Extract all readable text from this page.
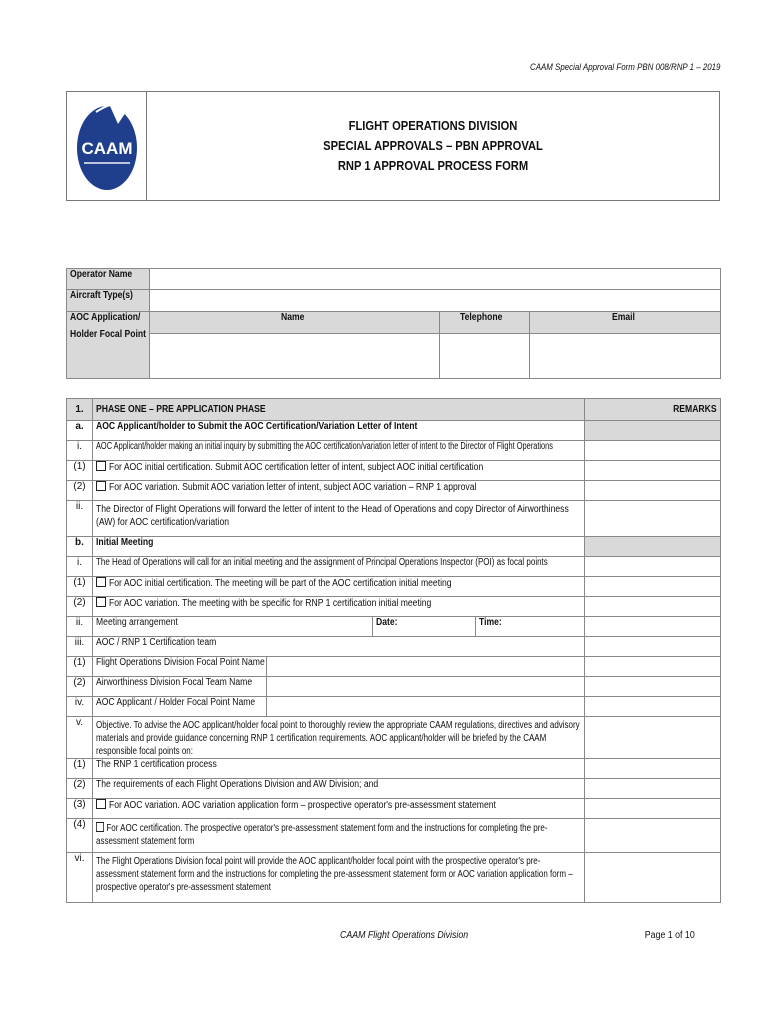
CAAM Special Approval Form PBN 008/RNP 1 – 2019
CAAM
FLIGHT OPERATIONS DIVISION
SPECIAL APPROVALS – PBN APPROVAL
RNP 1 APPROVAL PROCESS FORM
Operator Name			
Aircraft Type(s)			
AOC Application/
Holder Focal Point	Name	Telephone	Email

1.	PHASE ONE – PRE APPLICATION PHASE				REMARKS
a.	AOC Applicant/holder to Submit the AOC Certification/Variation Letter of Intent				
i.	AOC Applicant/holder making an initial inquiry by submitting the AOC certification/variation letter of intent to the Director of Flight Operations				
(1)	For AOC initial certification. Submit AOC certification letter of intent, subject AOC initial certification				
(2)	For AOC variation. Submit AOC variation letter of intent, subject AOC variation – RNP 1 approval				
ii.	The Director of Flight Operations will forward the letter of intent to the Head of Operations and copy Director of Airworthiness (AW) for AOC certification/variation				

b.	Initial Meeting				
i.	The Head of Operations will call for an initial meeting and the assignment of Principal Operations Inspector (POI) as focal points				
(1)	For AOC initial certification. The meeting will be part of the AOC certification initial meeting				
(2)	For AOC variation. The meeting with be specific for RNP 1 certification initial meeting				
ii.	Meeting arrangement		Date:	Time:	
iii.	AOC / RNP 1 Certification team				
(1)	Flight Operations Division Focal Point Name				
(2)	Airworthiness Division Focal Team Name				
iv.	AOC Applicant / Holder Focal Point Name				
v.	Objective. To advise the AOC applicant/holder focal point to thoroughly review the appropriate CAAM regulations, directives and advisory materials and provide guidance concerning RNP 1 certification requirements. AOC applicant/holder will be briefed by the CAAM responsible focal points on:				

(1)	The RNP 1 certification process				
(2)	The requirements of each Flight Operations Division and AW Division; and				
(3)	For AOC variation. AOC variation application form – prospective operator's pre-assessment statement				
(4)	For AOC certification. The prospective operator's pre-assessment statement form and the instructions for completing the pre-assessment statement form				

vi.	The Flight Operations Division focal point will provide the AOC applicant/holder focal point with the prospective operator's pre-assessment statement form and the instructions for completing the pre-assessment statement form or AOC variation application form – prospective operator's pre-assessment statement				

CAAM Flight Operations Division	Page 1 of 10
